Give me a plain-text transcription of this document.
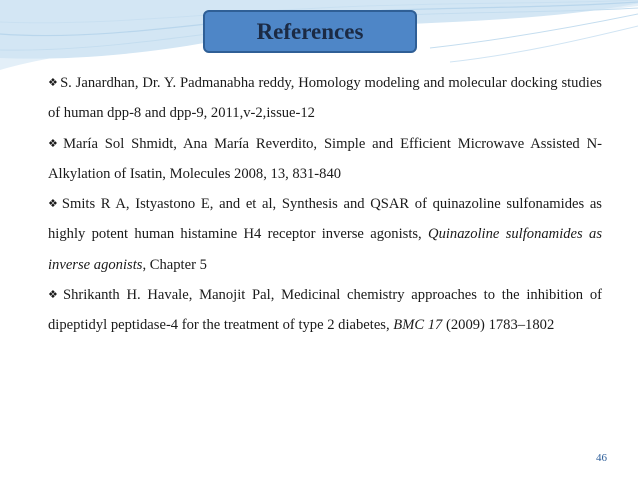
References

❖ S. Janardhan, Dr. Y. Padmanabha reddy, Homology modeling and molecular docking studies of human dpp-8 and dpp-9, 2011,v-2,issue-12

❖ María Sol Shmidt, Ana María Reverdito, Simple and Efficient Microwave Assisted N-Alkylation of Isatin, Molecules 2008, 13, 831-840

❖ Smits R A, Istyastono E, and et al, Synthesis and QSAR of quinazoline sulfonamides as highly potent human histamine H4 receptor inverse agonists, Quinazoline sulfonamides as inverse agonists, Chapter 5

❖ Shrikanth H. Havale, Manojit Pal, Medicinal chemistry approaches to the inhibition of dipeptidyl peptidase-4 for the treatment of type 2 diabetes, BMC 17 (2009) 1783–1802

46
